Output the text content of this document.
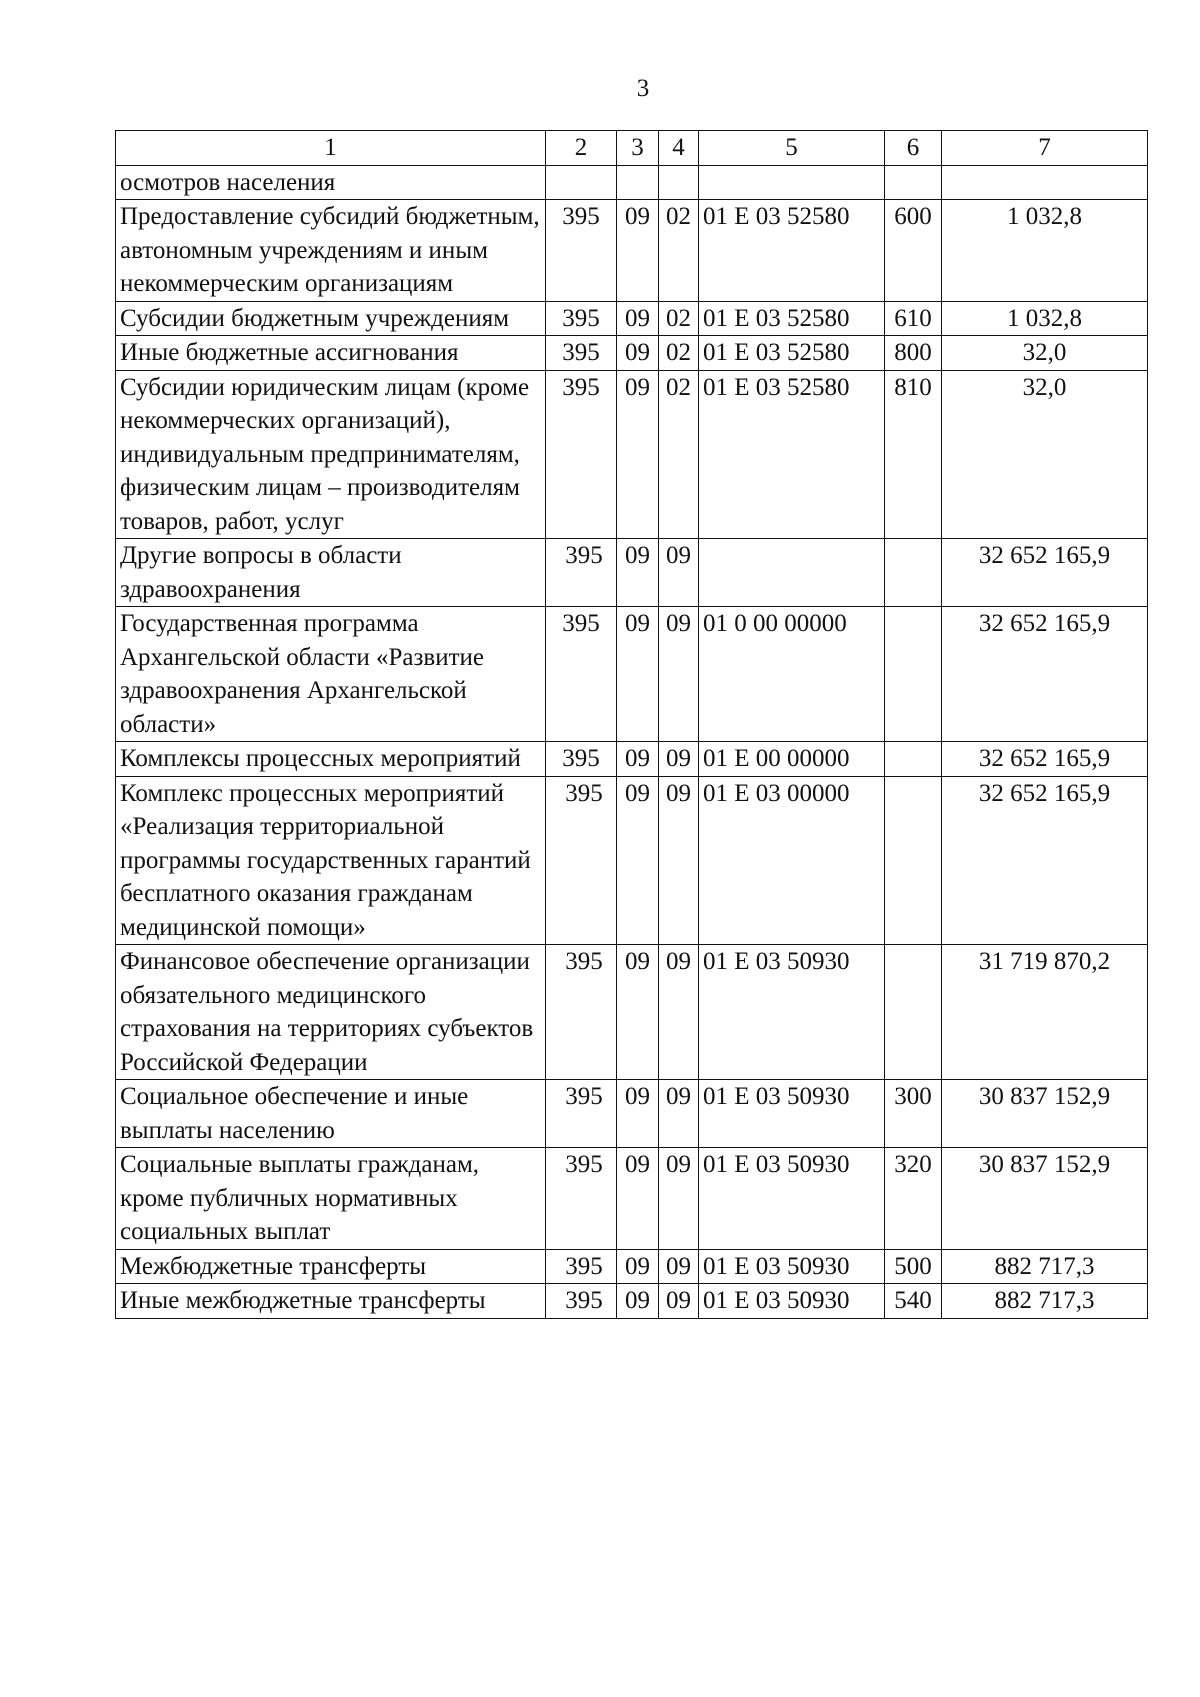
3
1	2	3	4	5	6	7
осмотров населения						
Предоставление субсидий бюджетным, автономным учреждениям и иным некоммерческим организациям	395	09	02	01 Е 03 52580	600	1 032,8
Субсидии бюджетным учреждениям	395	09	02	01 Е 03 52580	610	1 032,8
Иные бюджетные ассигнования	395	09	02	01 Е 03 52580	800	32,0
Субсидии юридическим лицам (кроме некоммерческих организаций), индивидуальным предпринимателям, физическим лицам – производителям товаров, работ, услуг	395	09	02	01 Е 03 52580	810	32,0
Другие вопросы в области здравоохранения	395	09	09			32 652 165,9
Государственная программа Архангельской области «Развитие здравоохранения Архангельской области»	395	09	09	01 0 00 00000		32 652 165,9
Комплексы процессных мероприятий	395	09	09	01 Е 00 00000		32 652 165,9
Комплекс процессных мероприятий «Реализация территориальной программы государственных гарантий бесплатного оказания гражданам медицинской помощи»	395	09	09	01 Е 03 00000		32 652 165,9
Финансовое обеспечение организации обязательного медицинского страхования на территориях субъектов Российской Федерации	395	09	09	01 Е 03 50930		31 719 870,2
Социальное обеспечение и иные выплаты населению	395	09	09	01 Е 03 50930	300	30 837 152,9
Социальные выплаты гражданам, кроме публичных нормативных социальных выплат	395	09	09	01 Е 03 50930	320	30 837 152,9
Межбюджетные трансферты	395	09	09	01 Е 03 50930	500	882 717,3
Иные межбюджетные трансферты	395	09	09	01 Е 03 50930	540	882 717,3
